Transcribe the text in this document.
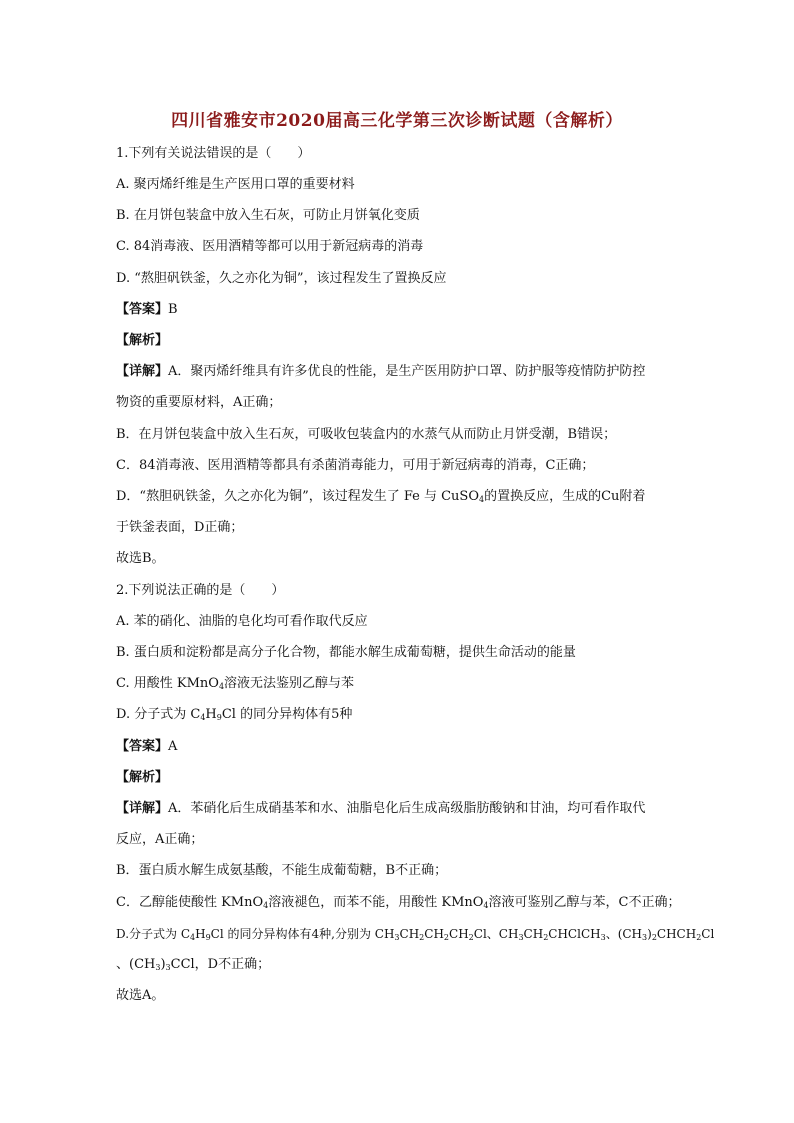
四川省雅安市2020届高三化学第三次诊断试题（含解析）
1.下列有关说法错误的是（　　）
A. 聚丙烯纤维是生产医用口罩的重要材料
B. 在月饼包装盒中放入生石灰，可防止月饼氧化变质
C. 84消毒液、医用酒精等都可以用于新冠病毒的消毒
D. “熬胆矾铁釜，久之亦化为铜”，该过程发生了置换反应
【答案】B
【解析】
【详解】A．聚丙烯纤维具有许多优良的性能，是生产医用防护口罩、防护服等疫情防护防控
物资的重要原材料，A正确；
B．在月饼包装盒中放入生石灰，可吸收包装盒内的水蒸气从而防止月饼受潮，B错误；
C．84消毒液、医用酒精等都具有杀菌消毒能力，可用于新冠病毒的消毒，C正确；
D．“熬胆矾铁釜，久之亦化为铜”，该过程发生了 Fe 与 CuSO$_4$的置换反应，生成的Cu附着
于铁釜表面，D正确；
故选B。
2.下列说法正确的是（　　）
A. 苯的硝化、油脂的皂化均可看作取代反应
B. 蛋白质和淀粉都是高分子化合物，都能水解生成葡萄糖，提供生命活动的能量
C. 用酸性 KMnO$_4$溶液无法鉴别乙醇与苯
D. 分子式为 $C_4H_9Cl$ 的同分异构体有5种
【答案】A
【解析】
【详解】A．苯硝化后生成硝基苯和水、油脂皂化后生成高级脂肪酸钠和甘油，均可看作取代
反应，A正确；
B．蛋白质水解生成氨基酸，不能生成葡萄糖，B不正确；
C．乙醇能使酸性 KMnO$_4$溶液褪色，而苯不能，用酸性 KMnO$_4$溶液可鉴别乙醇与苯，C不正确；
D.分子式为 $C_4H_9Cl$ 的同分异构体有4种,分别为 $CH_3CH_2CH_2CH_2Cl$、$CH_3CH_2CHClCH_3$、$(CH_3)_2CHCH_2Cl$
、$(CH_3)_3CCl$，D不正确；
故选A。
